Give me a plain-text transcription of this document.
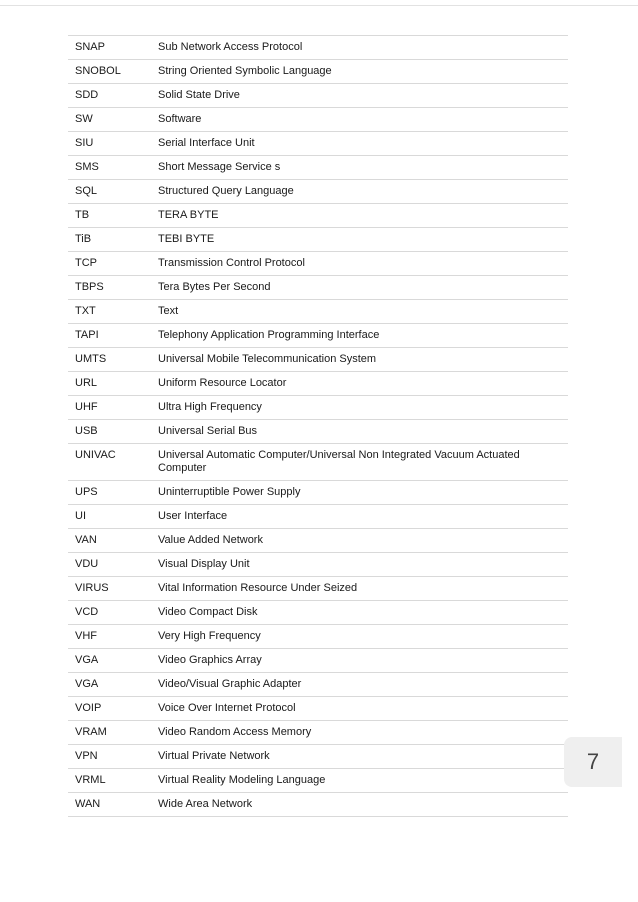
SNAP	Sub Network Access Protocol
SNOBOL	String Oriented Symbolic Language
SDD	Solid State Drive
SW	Software
SIU	Serial Interface Unit
SMS	Short Message Service s
SQL	Structured Query Language
TB	TERA BYTE
TiB	TEBI BYTE
TCP	Transmission Control Protocol
TBPS	Tera Bytes Per Second
TXT	Text
TAPI	Telephony Application Programming Interface
UMTS	Universal Mobile Telecommunication System
URL	Uniform Resource Locator
UHF	Ultra High Frequency
USB	Universal Serial Bus
UNIVAC	Universal Automatic Computer/Universal Non Integrated Vacuum Actuated Computer
UPS	Uninterruptible Power Supply
UI	User Interface
VAN	Value Added Network
VDU	Visual Display Unit
VIRUS	Vital Information Resource Under Seized
VCD	Video Compact Disk
VHF	Very High Frequency
VGA	Video Graphics Array
VGA	Video/Visual Graphic Adapter
VOIP	Voice Over Internet Protocol
VRAM	Video Random Access Memory
VPN	Virtual Private Network
VRML	Virtual Reality Modeling Language
WAN	Wide Area Network
7
